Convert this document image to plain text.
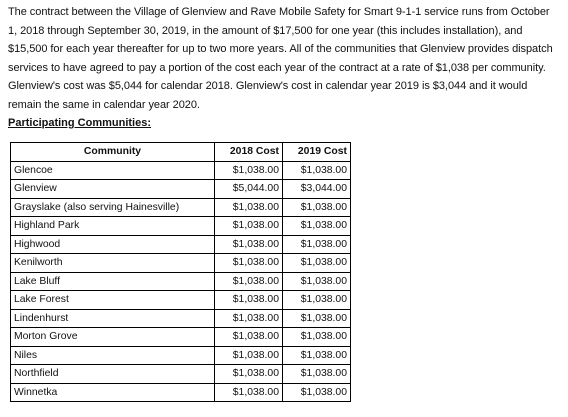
The contract between the Village of Glenview and Rave Mobile Safety for Smart 9-1-1 service runs from October 1, 2018 through September 30, 2019, in the amount of $17,500 for one year (this includes installation), and $15,500 for each year thereafter for up to two more years. All of the communities that Glenview provides dispatch services to have agreed to pay a portion of the cost each year of the contract at a rate of $1,038 per community. Glenview's cost was $5,044 for calendar 2018. Glenview's cost in calendar year 2019 is $3,044 and it would remain the same in calendar year 2020.
Participating Communities:
Community	2018 Cost	2019 Cost
Glencoe	$1,038.00	$1,038.00
Glenview	$5,044.00	$3,044.00
Grayslake (also serving Hainesville)	$1,038.00	$1,038.00
Highland Park	$1,038.00	$1,038.00
Highwood	$1,038.00	$1,038.00
Kenilworth	$1,038.00	$1,038.00
Lake Bluff	$1,038.00	$1,038.00
Lake Forest	$1,038.00	$1,038.00
Lindenhurst	$1,038.00	$1,038.00
Morton Grove	$1,038.00	$1,038.00
Niles	$1,038.00	$1,038.00
Northfield	$1,038.00	$1,038.00
Winnetka	$1,038.00	$1,038.00
